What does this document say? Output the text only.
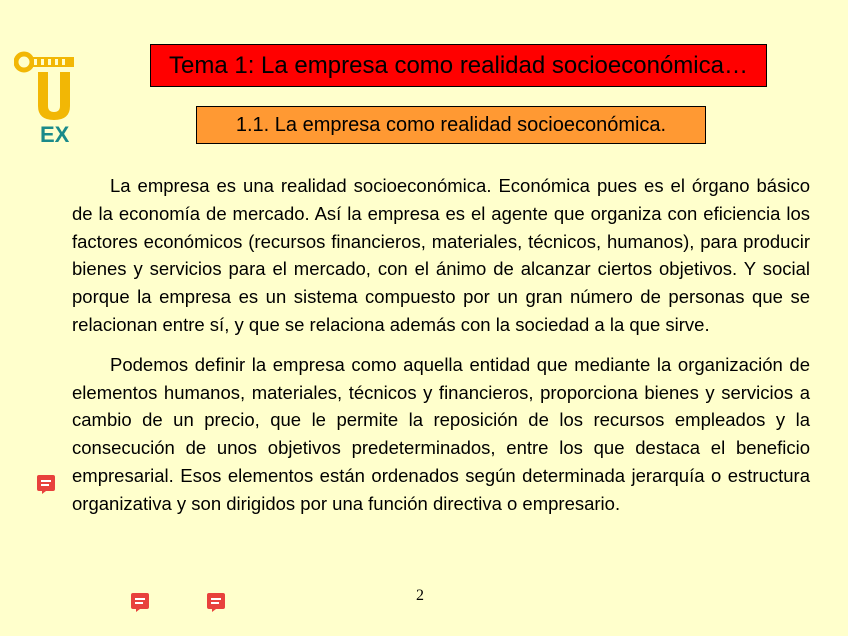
EX
Tema 1: La empresa como realidad socioeconómica…
1.1. La empresa como realidad socioeconómica.

La empresa es una realidad socioeconómica. Económica pues es el órgano básico de la economía de mercado. Así la empresa es el agente que organiza con eficiencia los factores económicos (recursos financieros, materiales, técnicos, humanos), para producir bienes y servicios para el mercado, con el ánimo de alcanzar ciertos objetivos. Y social porque la empresa es un sistema compuesto por un gran número de personas que se relacionan entre sí, y que se relaciona además con la sociedad a la que sirve.

Podemos definir la empresa como aquella entidad que mediante la organización de elementos humanos, materiales, técnicos y financieros, proporciona bienes y servicios a cambio de un precio, que le permite la reposición de los recursos empleados y la consecución de unos objetivos predeterminados, entre los que destaca el beneficio empresarial. Esos elementos están ordenados según determinada jerarquía o estructura organizativa y son dirigidos por una función directiva o empresario.

2
